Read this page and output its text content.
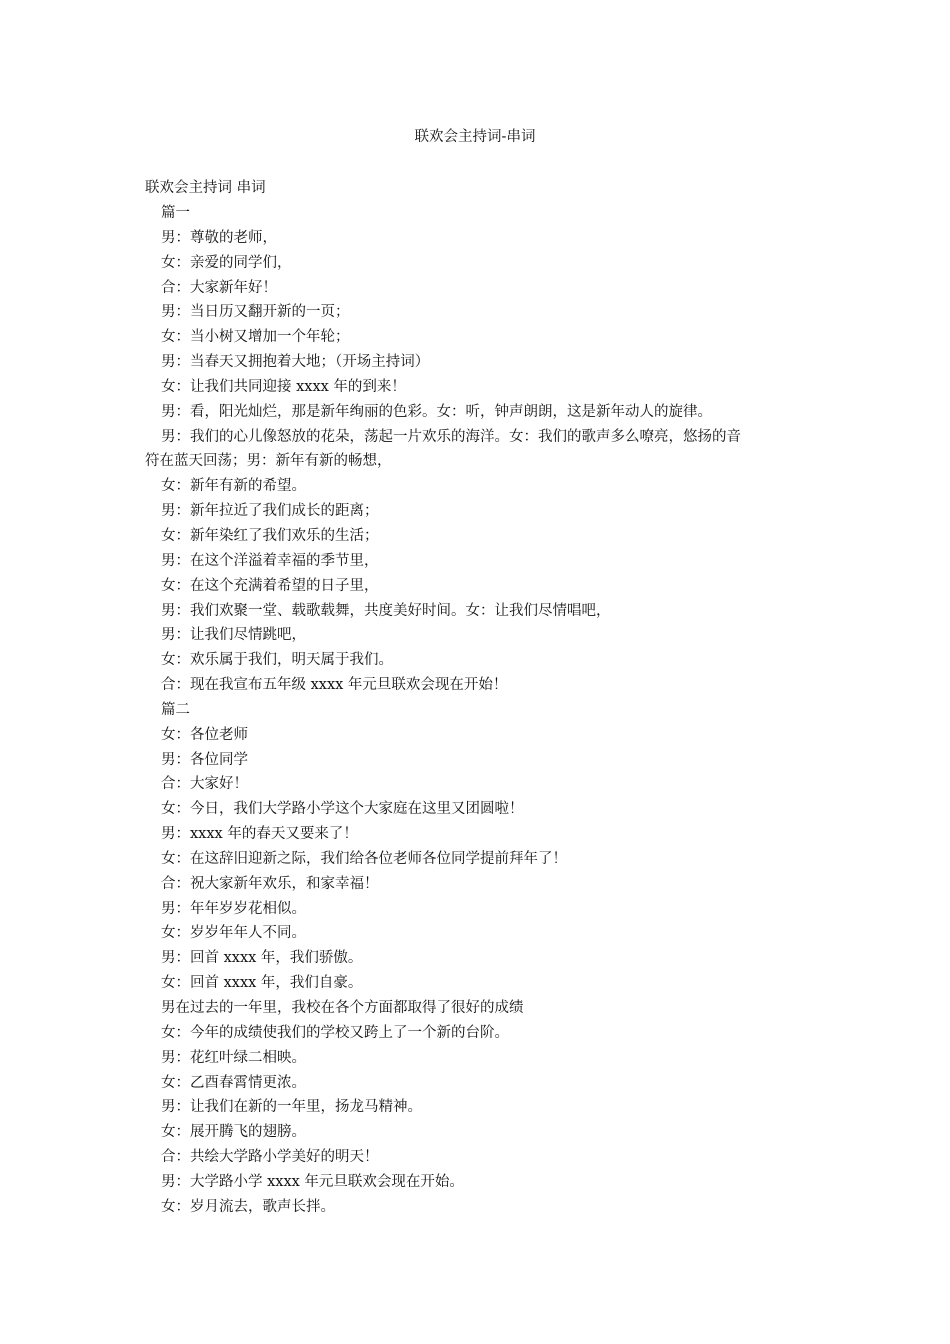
联欢会主持词-串词
联欢会主持词 串词
篇一
男：尊敬的老师，
女：亲爱的同学们，
合：大家新年好！
男：当日历又翻开新的一页；
女：当小树又增加一个年轮；
男：当春天又拥抱着大地；（开场主持词）
女：让我们共同迎接 xxxx 年的到来！
男：看，阳光灿烂，那是新年绚丽的色彩。女：听，钟声朗朗，这是新年动人的旋律。
男：我们的心儿像怒放的花朵，荡起一片欢乐的海洋。女：我们的歌声多么嘹亮，悠扬的音
符在蓝天回荡；男：新年有新的畅想，
女：新年有新的希望。
男：新年拉近了我们成长的距离；
女：新年染红了我们欢乐的生活；
男：在这个洋溢着幸福的季节里，
女：在这个充满着希望的日子里，
男：我们欢聚一堂、载歌载舞，共度美好时间。女：让我们尽情唱吧，
男：让我们尽情跳吧，
女：欢乐属于我们，明天属于我们。
合：现在我宣布五年级 xxxx 年元旦联欢会现在开始！
篇二
女：各位老师
男：各位同学
合：大家好！
女：今日，我们大学路小学这个大家庭在这里又团圆啦！
男：xxxx 年的春天又要来了！
女：在这辞旧迎新之际，我们给各位老师各位同学提前拜年了！
合：祝大家新年欢乐，和家幸福！
男：年年岁岁花相似。
女：岁岁年年人不同。
男：回首 xxxx 年，我们骄傲。
女：回首 xxxx 年，我们自豪。
男在过去的一年里，我校在各个方面都取得了很好的成绩
女：今年的成绩使我们的学校又跨上了一个新的台阶。
男：花红叶绿二相映。
女：乙酉春霄情更浓。
男：让我们在新的一年里，扬龙马精神。
女：展开腾飞的翅膀。
合：共绘大学路小学美好的明天！
男：大学路小学 xxxx 年元旦联欢会现在开始。
女：岁月流去，歌声长拌。
